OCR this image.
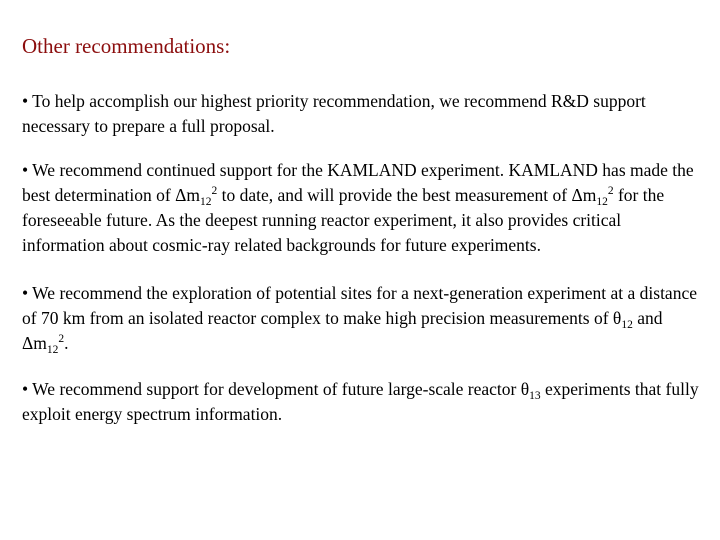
Other recommendations:

• To help accomplish our highest priority recommendation, we recommend R&D support necessary to prepare a full proposal.

• We recommend continued support for the KAMLAND experiment. KAMLAND has made the best determination of $\Delta m_{12}^2$ to date, and will provide the best measurement of $\Delta m_{12}^2$ for the foreseeable future. As the deepest running reactor experiment, it also provides critical information about cosmic-ray related backgrounds for future experiments.

• We recommend the exploration of potential sites for a next-generation experiment at a distance of 70 km from an isolated reactor complex to make high precision measurements of $\theta_{12}$ and $\Delta m_{12}^2$.

• We recommend support for development of future large-scale reactor $\theta_{13}$ experiments that fully exploit energy spectrum information.
